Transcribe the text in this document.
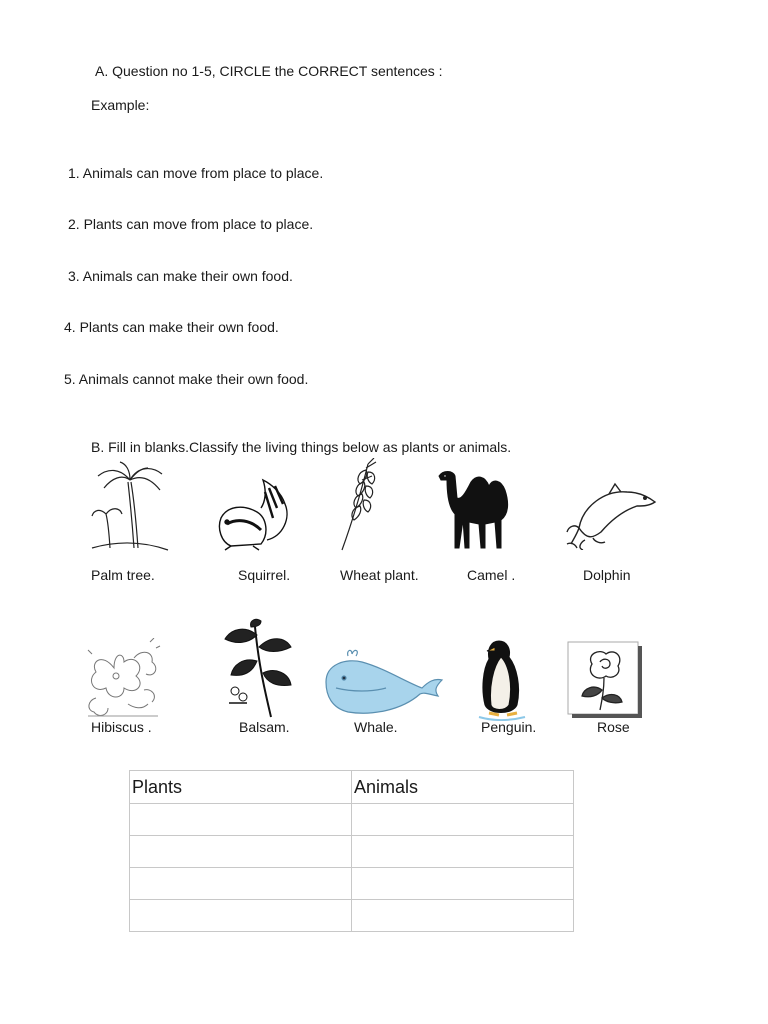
A. Question no 1-5, CIRCLE the CORRECT sentences :
Example:
1. Animals can move from place to place.
2. Plants can move from place to place.
3. Animals can make their own food.
4. Plants can make their own food.
5. Animals cannot make their own food.
B. Fill in blanks.Classify the living things below as plants or animals.
Palm tree.	Squirrel.	Wheat plant.	Camel .	Dolphin
Hibiscus .	Balsam.	Whale.	Penguin.	Rose
Plants	Animals
